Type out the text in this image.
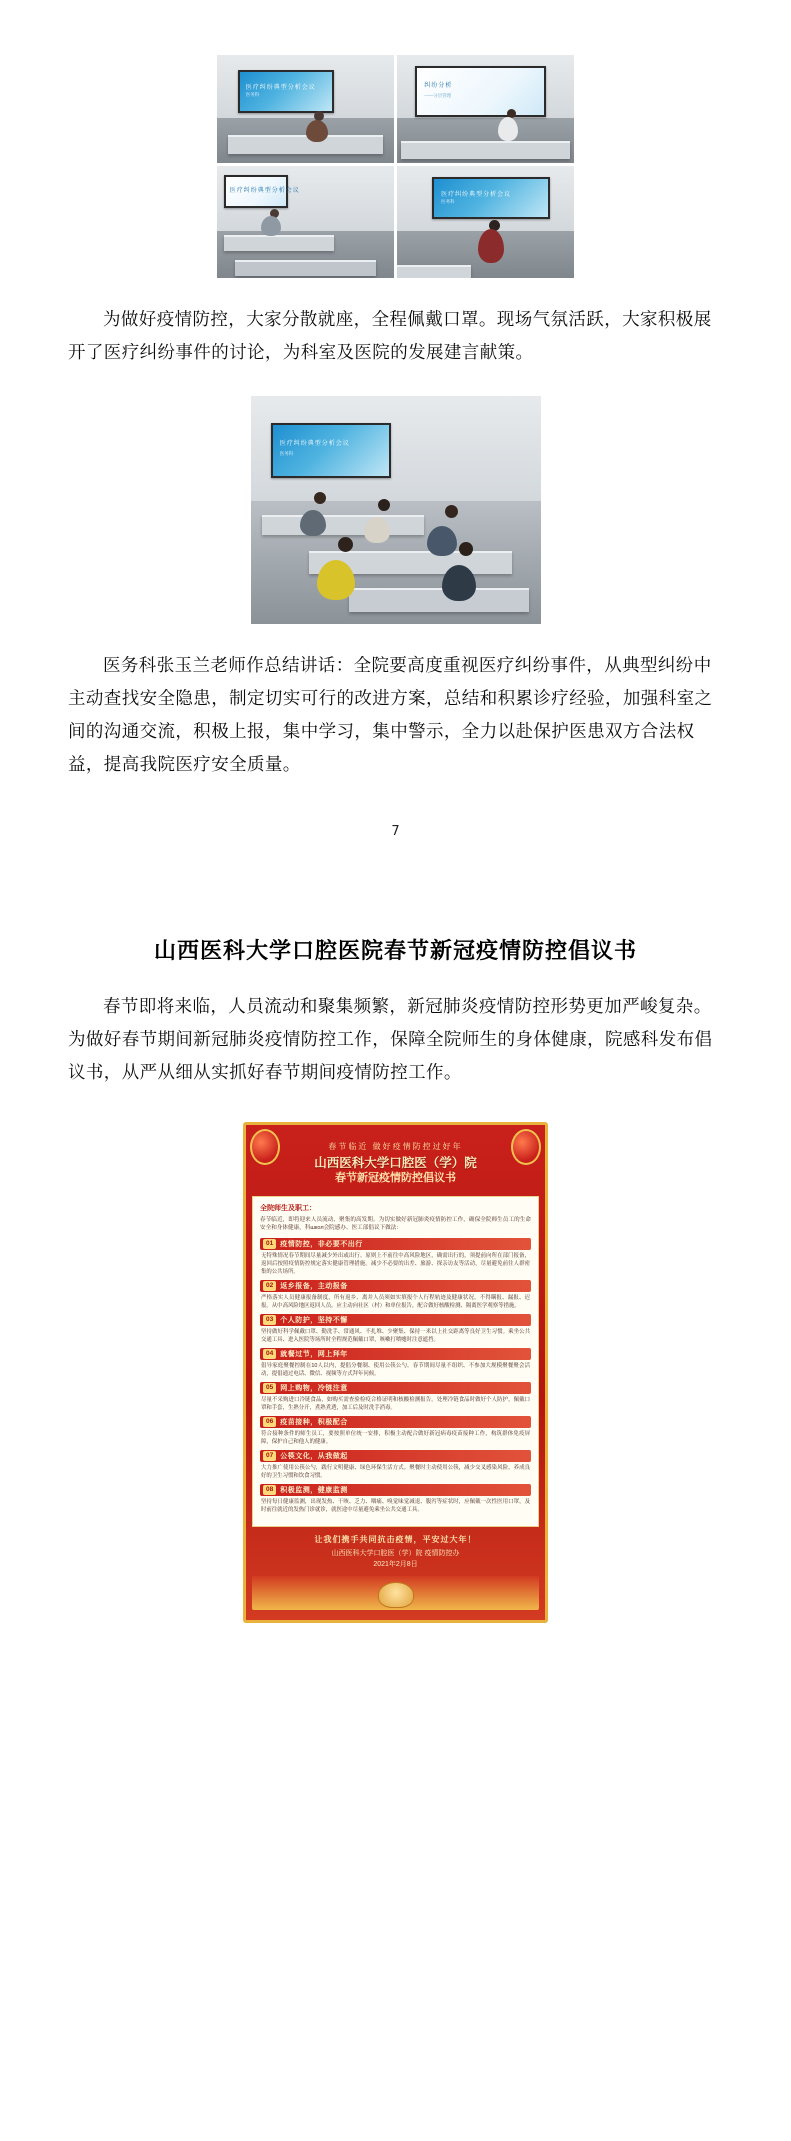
医疗纠纷典型分析会议
医务科
纠纷分析
——分层管理
医疗纠纷典型分析会议
医疗纠纷典型分析会议
医务科

为做好疫情防控，大家分散就座，全程佩戴口罩。现场气氛活跃，大家积极展开了医疗纠纷事件的讨论，为科室及医院的发展建言献策。

医疗纠纷典型分析会议
医务科

医务科张玉兰老师作总结讲话：全院要高度重视医疗纠纷事件，从典型纠纷中主动查找安全隐患，制定切实可行的改进方案，总结和积累诊疗经验，加强科室之间的沟通交流，积极上报，集中学习，集中警示，全力以赴保护医患双方合法权益，提高我院医疗安全质量。

7
山西医科大学口腔医院春节新冠疫情防控倡议书

春节即将来临，人员流动和聚集频繁，新冠肺炎疫情防控形势更加严峻复杂。为做好春节期间新冠肺炎疫情防控工作，保障全院师生的身体健康，院感科发布倡议书，从严从细从实抓好春节期间疫情防控工作。

春节临近 做好疫情防控过好年
山西医科大学口腔医（学）院
春节新冠疫情防控倡议书
全院师生及职工：
春节临近，即将迎来人员流动、聚集的高发期。为切实做好新冠肺炎疫情防控工作，确保全院师生员工的生命安全和身体健康，科школ会院感办、医工部倡议下做法：
01	疫情防控，非必要不出行
无特殊情况春节期间尽量减少外出或出行。原则上不前往中高风险地区，确需出行的，须提前向所在部门报备，返回后按照疫情防控规定落实健康管理措施。减少不必要的出差、旅游、探亲访友等活动，尽量避免前往人群密集的公共场所。
02	返乡报备，主动报备
严格落实人员健康报备制度，所有返乡、离并人员须如实填报个人行程轨迹及健康状况，不得瞒报、漏报、迟报。从中高风险地区返回人员，应主动向社区（村）和单位报告，配合做好核酸检测、隔离医学观察等措施。
03	个人防护，坚持不懈
坚持做好科学佩戴口罩、勤洗手、常通风、不扎堆、少聚集、保持一米以上社交距离等良好卫生习惯。乘坐公共交通工具、进入医院等场所时全程规范佩戴口罩，咳嗽打喷嚏时注意遮挡。
04	就餐过节，网上拜年
倡导家庭聚餐控制在10人以内，提倡分餐制、使用公筷公勺。春节期间尽量不组织、不参加大规模聚餐聚会活动，提倡通过电话、微信、视频等方式拜年问候。
05	网上购物，冷链注意
尽量不采购进口冷链食品，如购买需查验检疫合格证明和核酸检测报告。处理冷链食品时做好个人防护，佩戴口罩和手套，生熟分开，煮熟煮透，加工后及时洗手消毒。
06	疫苗接种，积极配合
符合接种条件的师生员工，要按照单位统一安排，积极主动配合做好新冠病毒疫苗接种工作，构筑群体免疫屏障，保护自己和他人的健康。
07	公筷文化，从我做起
大力推广使用公筷公勺，践行文明健康、绿色环保生活方式。聚餐时主动使用公筷，减少交叉感染风险，养成良好的卫生习惯和饮食习惯。
08	积极监测，健康监测
坚持每日健康监测，出现发热、干咳、乏力、咽痛、嗅觉味觉减退、腹泻等症状时，应佩戴一次性医用口罩，及时前往就近的发热门诊就诊，就医途中尽量避免乘坐公共交通工具。
让我们携手共同抗击疫情，平安过大年！
山西医科大学口腔医（学）院 疫情防控办
2021年2月8日
